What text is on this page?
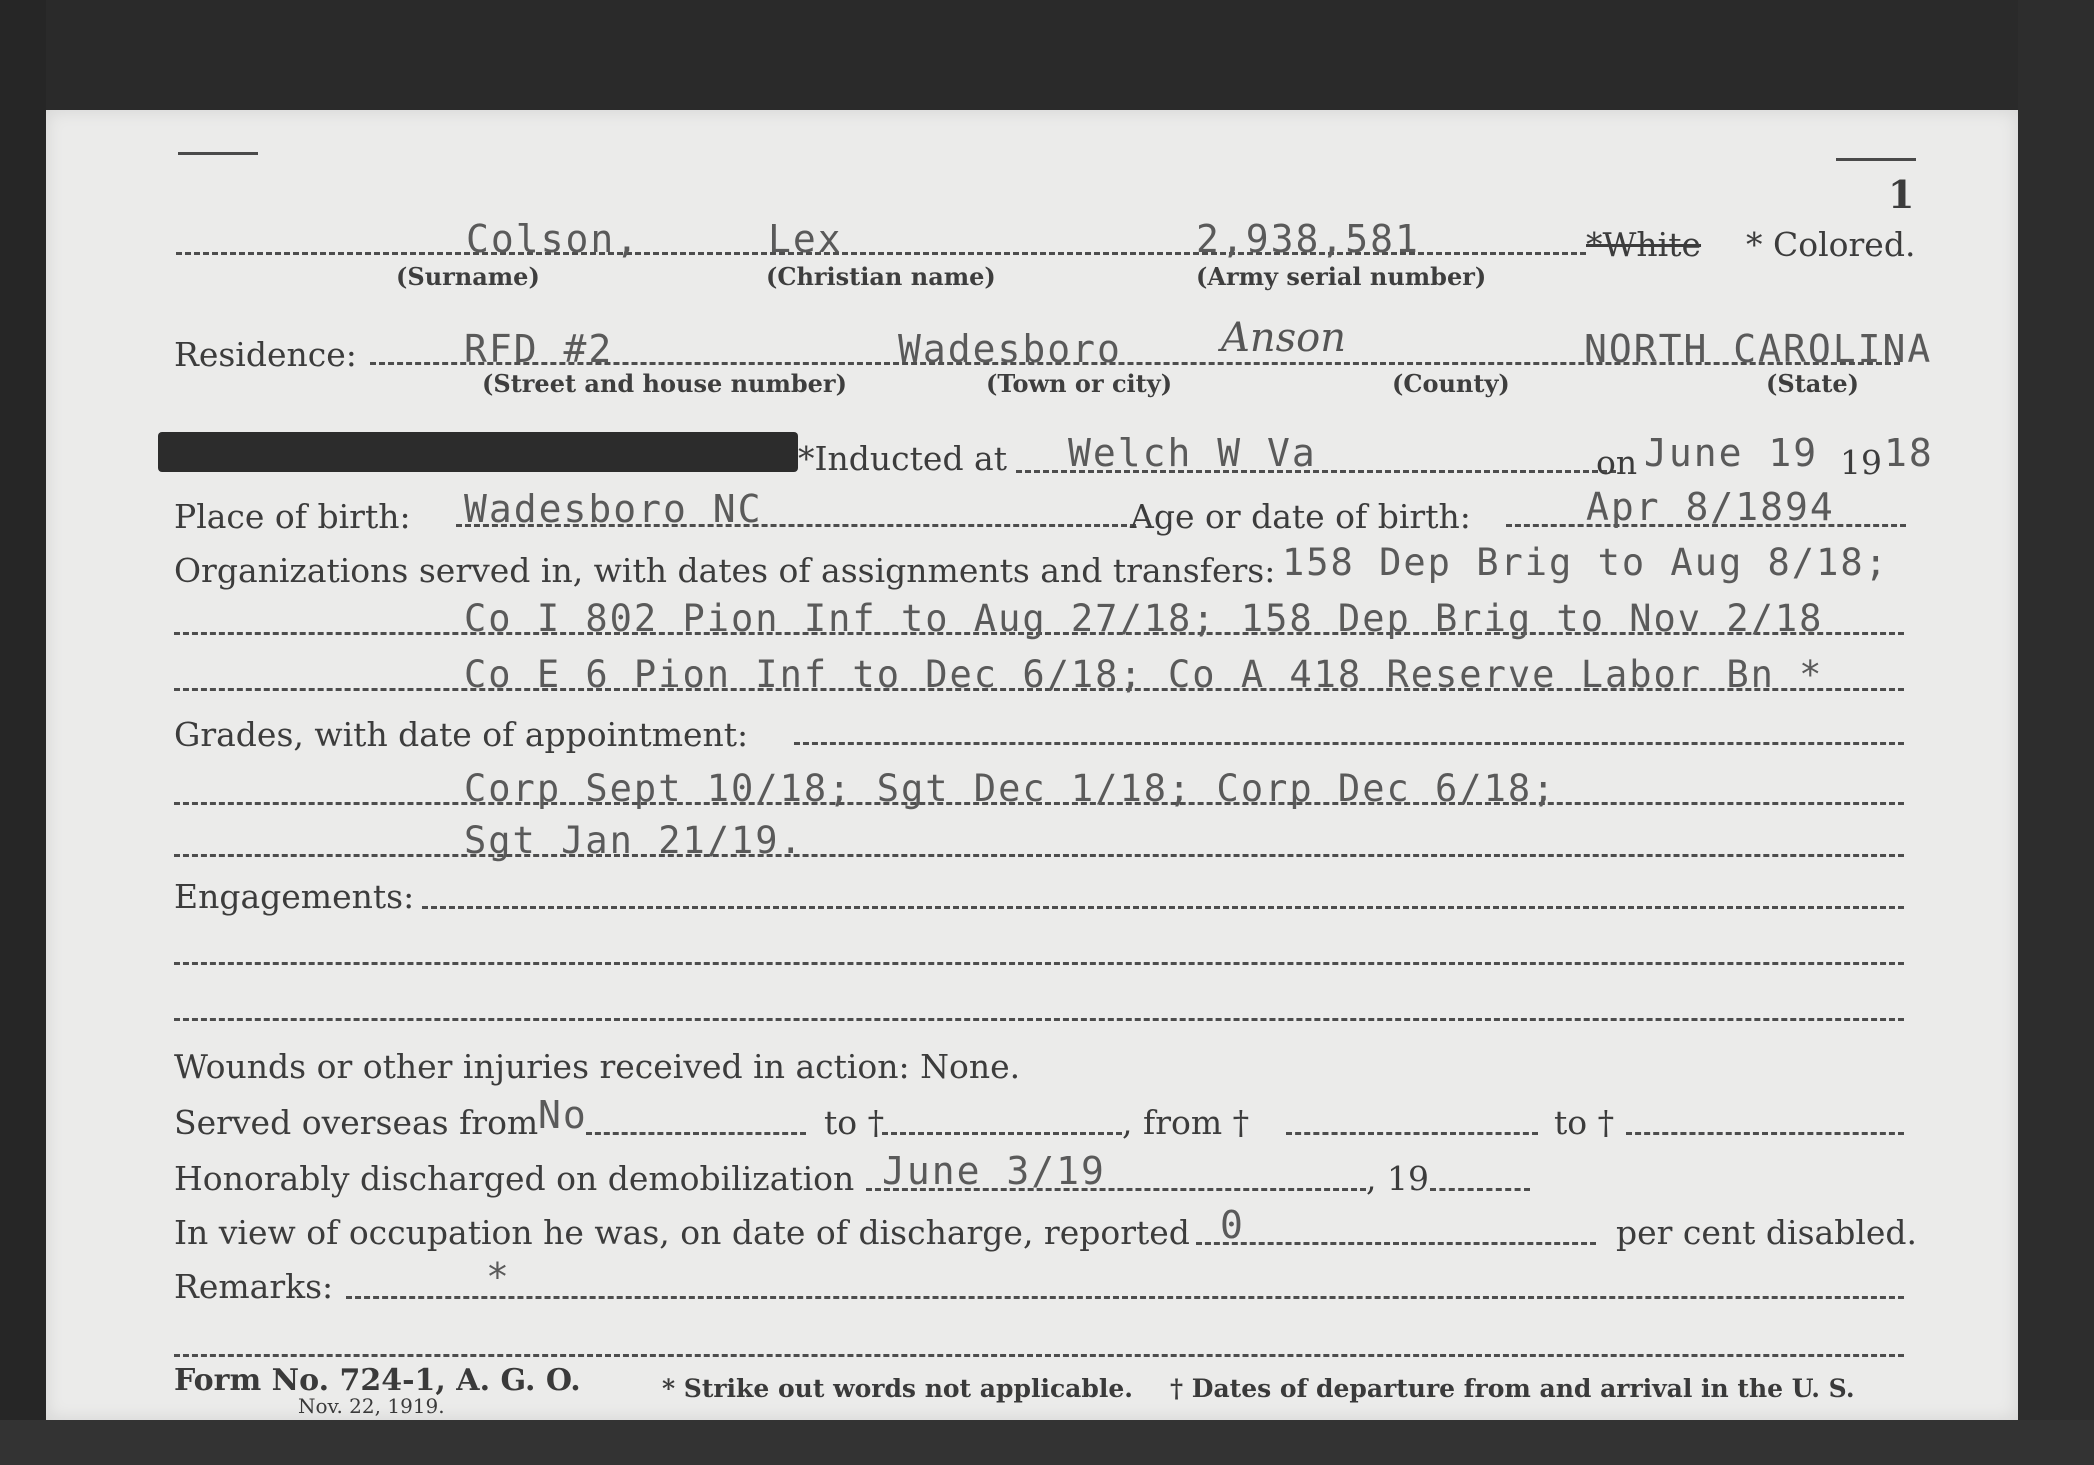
1
Colson,	Lex	2,938,581	*White * Colored.
(Surname)	(Christian name)	(Army serial number)
Residence:	RFD #2	Wadesboro Anson	NORTH CAROLINA
(Street and house number)	(Town or city)	(County)	(State)
*Inducted at Welch W Va	on June 19 19 18
Place of birth: Wadesboro NC	Age or date of birth:	Apr 8/1894
Organizations served in, with dates of assignments and transfers: 158 Dep Brig to Aug 8/18;
Co I 802 Pion Inf to Aug 27/18; 158 Dep Brig to Nov 2/18
Co E 6 Pion Inf to Dec 6/18; Co A 418 Reserve Labor Bn *
Grades, with date of appointment:
Corp Sept 10/18; Sgt Dec 1/18; Corp Dec 6/18;
Sgt Jan 21/19.
Engagements:
Wounds or other injuries received in action: None.
Served overseas from No	to †	, from †	to †
Honorably discharged on demobilization June 3/19	, 19
In view of occupation he was, on date of discharge, reported 0	per cent disabled.
Remarks:	*
Form No. 724-1, A. G. O.
Nov. 22, 1919.
* Strike out words not applicable. † Dates of departure from and arrival in the U. S.
